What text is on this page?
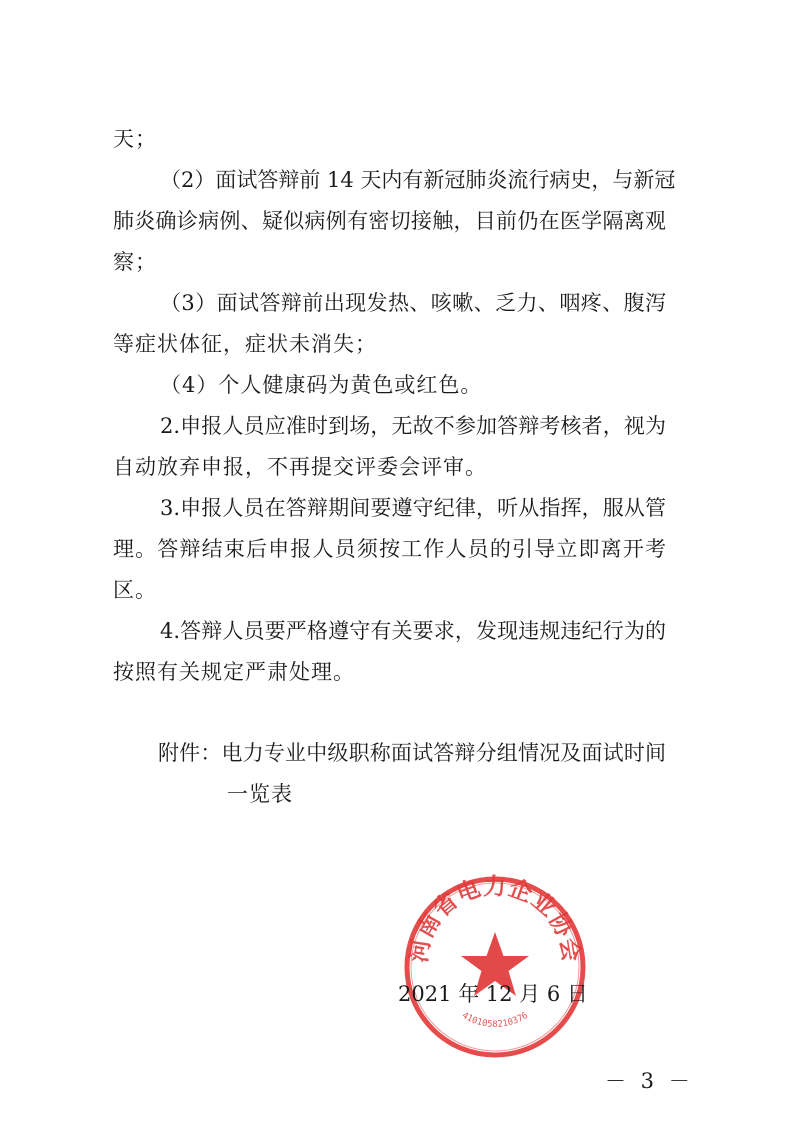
天；
（2）面试答辩前 14 天内有新冠肺炎流行病史，与新冠
肺炎确诊病例、疑似病例有密切接触，目前仍在医学隔离观
察；
（3）面试答辩前出现发热、咳嗽、乏力、咽疼、腹泻
等症状体征，症状未消失；
（4）个人健康码为黄色或红色。
2.申报人员应准时到场，无故不参加答辩考核者，视为
自动放弃申报，不再提交评委会评审。
3.申报人员在答辩期间要遵守纪律，听从指挥，服从管
理。答辩结束后申报人员须按工作人员的引导立即离开考
区。
4.答辩人员要严格遵守有关要求，发现违规违纪行为的
按照有关规定严肃处理。
附件：电力专业中级职称面试答辩分组情况及面试时间
一览表
河南省电力企业协会
4101058210376
2021 年 12 月 6 日
－ 3 －
